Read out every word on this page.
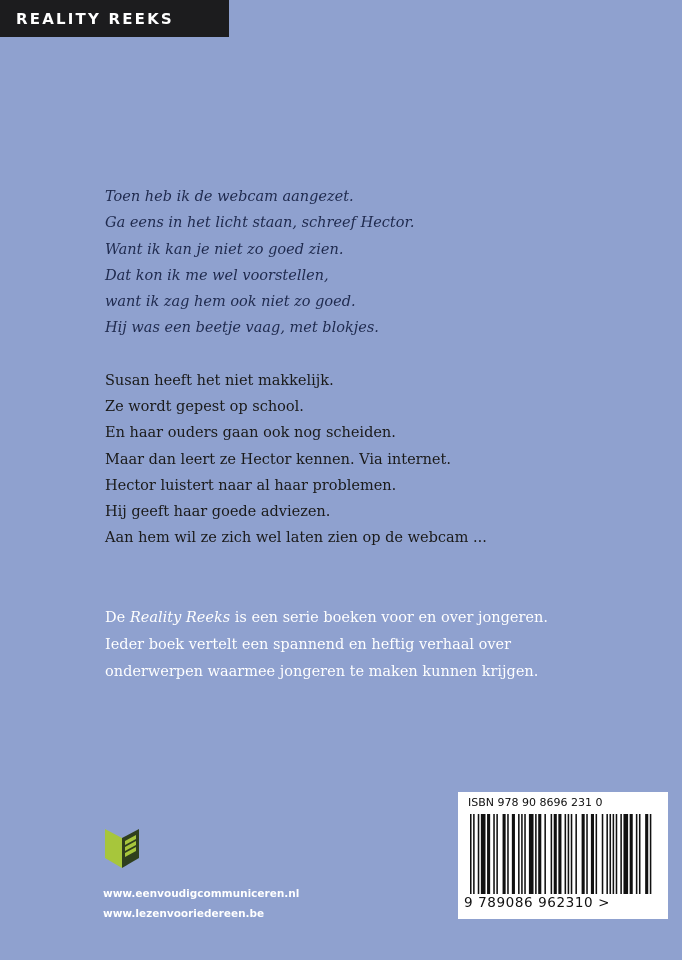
REALITY REEKS
Toen heb ik de webcam aangezet.
Ga eens in het licht staan, schreef Hector.
Want ik kan je niet zo goed zien.
Dat kon ik me wel voorstellen,
want ik zag hem ook niet zo goed.
Hij was een beetje vaag, met blokjes.
Susan heeft het niet makkelijk.
Ze wordt gepest op school.
En haar ouders gaan ook nog scheiden.
Maar dan leert ze Hector kennen. Via internet.
Hector luistert naar al haar problemen.
Hij geeft haar goede adviezen.
Aan hem wil ze zich wel laten zien op de webcam ...
De Reality Reeks is een serie boeken voor en over jongeren.
Ieder boek vertelt een spannend en heftig verhaal over
onderwerpen waarmee jongeren te maken kunnen krijgen.
www.eenvoudigcommuniceren.nl
www.lezenvooriedereen.be
ISBN 978 90 8696 231 0
9 789086 962310 >
